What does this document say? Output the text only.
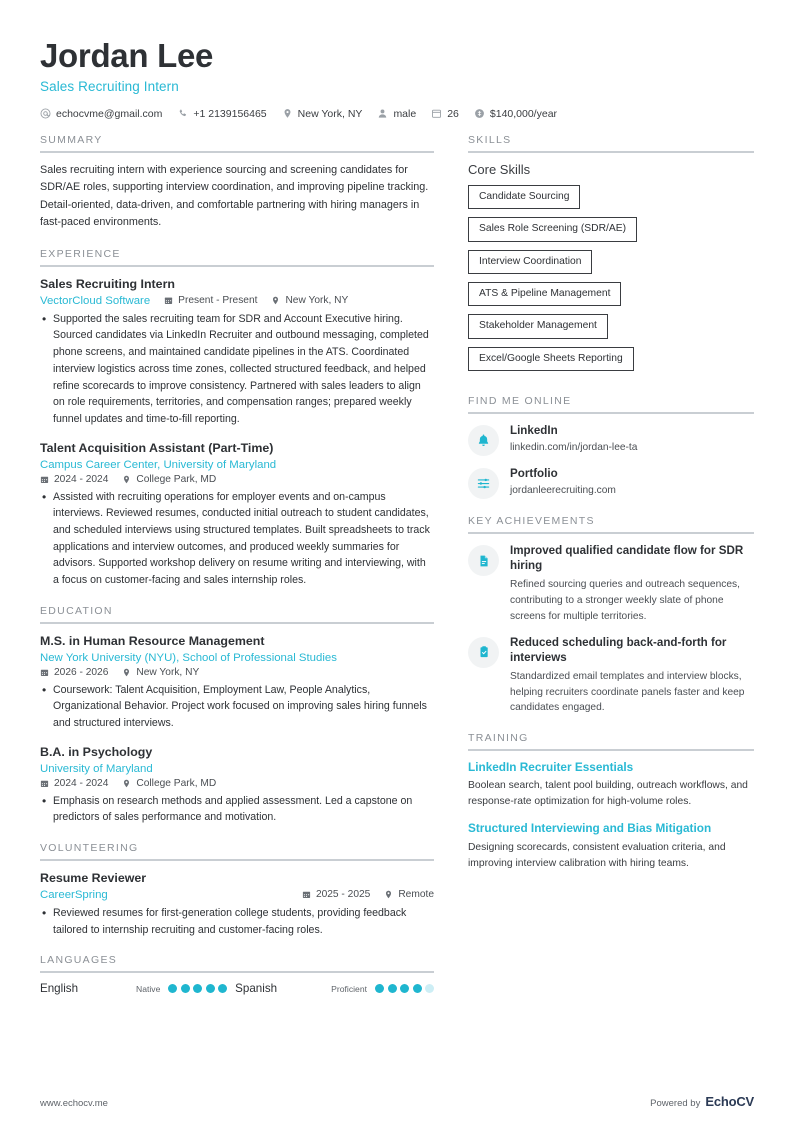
Jordan Lee
Sales Recruiting Intern
echocvme@gmail.com	+1 2139156465	New York, NY	male	26	$140,000/year
SUMMARY
Sales recruiting intern with experience sourcing and screening candidates for SDR/AE roles, supporting interview coordination, and improving pipeline tracking. Detail-oriented, data-driven, and comfortable partnering with hiring managers in fast-paced environments.
EXPERIENCE
Sales Recruiting Intern
VectorCloud Software	Present - Present	New York, NY
• Supported the sales recruiting team for SDR and Account Executive hiring. Sourced candidates via LinkedIn Recruiter and outbound messaging, completed phone screens, and maintained candidate pipelines in the ATS. Coordinated interview logistics across time zones, collected structured feedback, and helped refine scorecards to improve consistency. Partnered with sales leaders to align on role requirements, territories, and compensation ranges; prepared weekly funnel updates and time-to-fill reporting.
Talent Acquisition Assistant (Part-Time)
Campus Career Center, University of Maryland
2024 - 2024	College Park, MD
• Assisted with recruiting operations for employer events and on-campus interviews. Reviewed resumes, conducted initial outreach to student candidates, and scheduled interviews using structured templates. Built spreadsheets to track applications and interview outcomes, and produced weekly summaries for advisors. Supported workshop delivery on resume writing and interviewing, with a focus on customer-facing and sales internship roles.
EDUCATION
M.S. in Human Resource Management
New York University (NYU), School of Professional Studies
2026 - 2026	New York, NY
• Coursework: Talent Acquisition, Employment Law, People Analytics, Organizational Behavior. Project work focused on improving sales hiring funnels and structured interviews.
B.A. in Psychology
University of Maryland
2024 - 2024	College Park, MD
• Emphasis on research methods and applied assessment. Led a capstone on predictors of sales performance and motivation.
VOLUNTEERING
Resume Reviewer
CareerSpring	2025 - 2025	Remote
• Reviewed resumes for first-generation college students, providing feedback tailored to internship recruiting and customer-facing roles.
LANGUAGES
English	Native	Spanish	Proficient
SKILLS
Core Skills
Candidate Sourcing
Sales Role Screening (SDR/AE)
Interview Coordination
ATS & Pipeline Management
Stakeholder Management
Excel/Google Sheets Reporting
FIND ME ONLINE
LinkedIn
linkedin.com/in/jordan-lee-ta
Portfolio
jordanleerecruiting.com
KEY ACHIEVEMENTS
Improved qualified candidate flow for SDR hiring
Refined sourcing queries and outreach sequences, contributing to a stronger weekly slate of phone screens for multiple territories.
Reduced scheduling back-and-forth for interviews
Standardized email templates and interview blocks, helping recruiters coordinate panels faster and keep candidates engaged.
TRAINING
LinkedIn Recruiter Essentials
Boolean search, talent pool building, outreach workflows, and response-rate optimization for high-volume roles.
Structured Interviewing and Bias Mitigation
Designing scorecards, consistent evaluation criteria, and improving interview calibration with hiring teams.
www.echocv.me	Powered by EchoCV
